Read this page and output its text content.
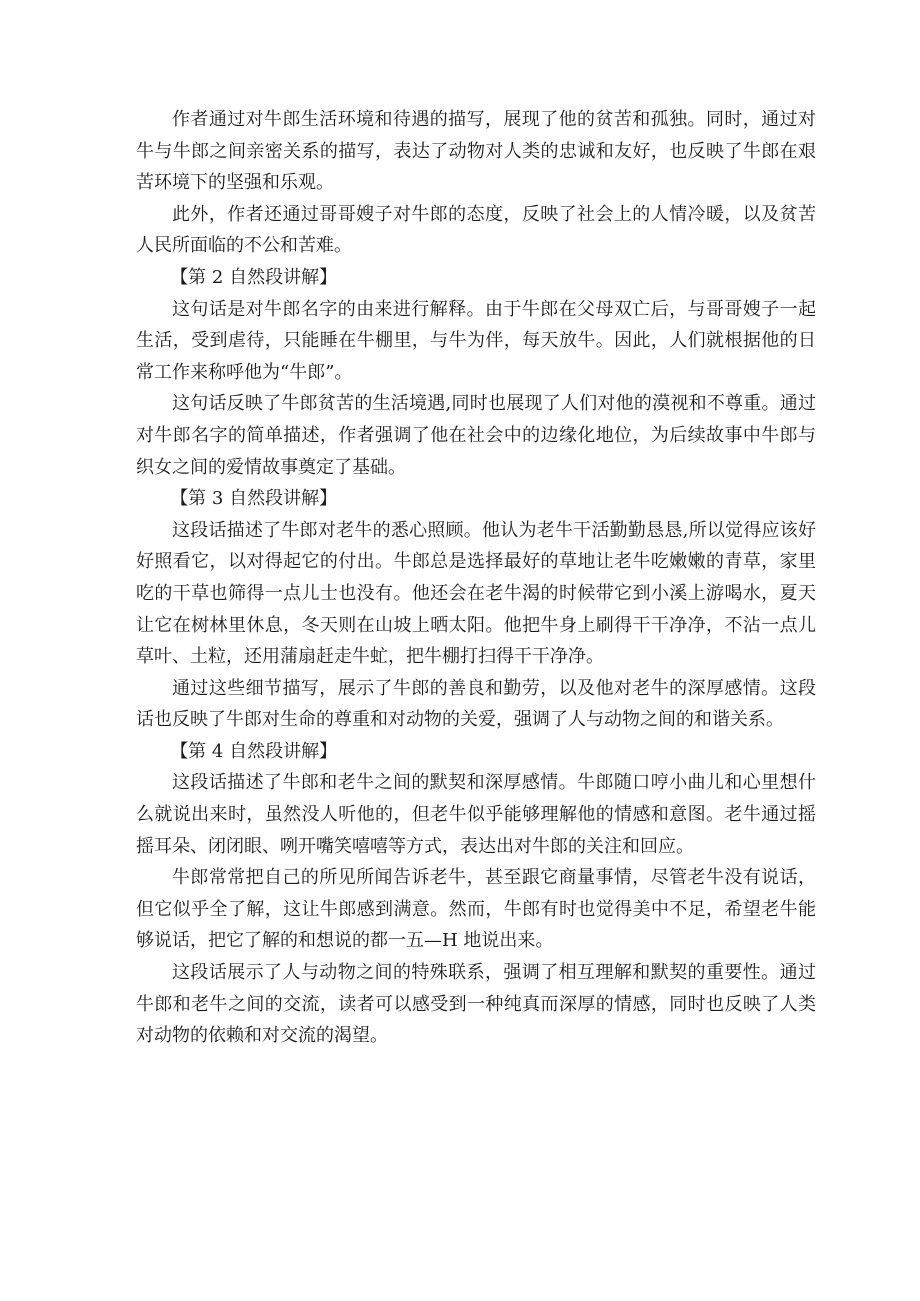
作者通过对牛郎生活环境和待遇的描写，展现了他的贫苦和孤独。同时，通过对牛与牛郎之间亲密关系的描写，表达了动物对人类的忠诚和友好，也反映了牛郎在艰苦环境下的坚强和乐观。

此外，作者还通过哥哥嫂子对牛郎的态度，反映了社会上的人情冷暖，以及贫苦人民所面临的不公和苦难。

【第 2 自然段讲解】

这句话是对牛郎名字的由来进行解释。由于牛郎在父母双亡后，与哥哥嫂子一起生活，受到虐待，只能睡在牛棚里，与牛为伴，每天放牛。因此，人们就根据他的日常工作来称呼他为“牛郎”。

这句话反映了牛郎贫苦的生活境遇,同时也展现了人们对他的漠视和不尊重。通过对牛郎名字的简单描述，作者强调了他在社会中的边缘化地位，为后续故事中牛郎与织女之间的爱情故事奠定了基础。

【第 3 自然段讲解】

这段话描述了牛郎对老牛的悉心照顾。他认为老牛干活勤勤恳恳,所以觉得应该好好照看它，以对得起它的付出。牛郎总是选择最好的草地让老牛吃嫩嫩的青草，家里吃的干草也筛得一点儿士也没有。他还会在老牛渴的时候带它到小溪上游喝水，夏天让它在树林里休息，冬天则在山坡上晒太阳。他把牛身上刷得干干净净，不沾一点儿草叶、土粒，还用蒲扇赶走牛虻，把牛棚打扫得干干净净。

通过这些细节描写，展示了牛郎的善良和勤劳，以及他对老牛的深厚感情。这段话也反映了牛郎对生命的尊重和对动物的关爱，强调了人与动物之间的和谐关系。

【第 4 自然段讲解】

这段话描述了牛郎和老牛之间的默契和深厚感情。牛郎随口哼小曲儿和心里想什么就说出来时，虽然没人听他的，但老牛似乎能够理解他的情感和意图。老牛通过摇摇耳朵、闭闭眼、咧开嘴笑嘻嘻等方式，表达出对牛郎的关注和回应。

牛郎常常把自己的所见所闻告诉老牛，甚至跟它商量事情，尽管老牛没有说话，但它似乎全了解，这让牛郎感到满意。然而，牛郎有时也觉得美中不足，希望老牛能够说话，把它了解的和想说的都一五—H 地说出来。

这段话展示了人与动物之间的特殊联系，强调了相互理解和默契的重要性。通过牛郎和老牛之间的交流，读者可以感受到一种纯真而深厚的情感，同时也反映了人类对动物的依赖和对交流的渴望。
